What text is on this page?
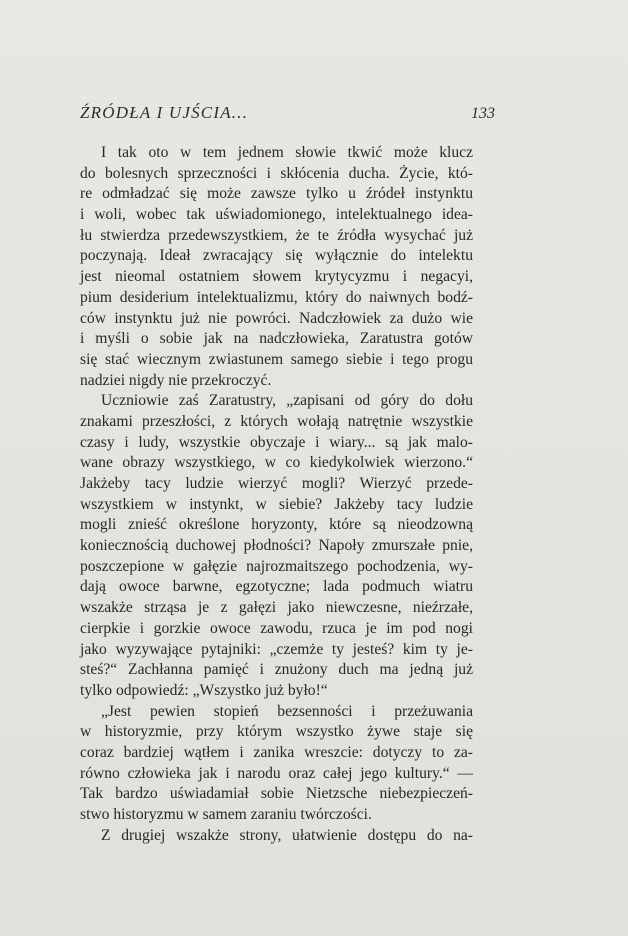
ŹRÓDŁA I UJŚCIA...	133
I tak oto w tem jednem słowie tkwić może klucz
do bolesnych sprzeczności i skłócenia ducha. Życie, któ-
re odmładzać się może zawsze tylko u źródeł instynktu
i woli, wobec tak uświadomionego, intelektualnego idea-
łu stwierdza przedewszystkiem, że te źródła wysychać już
poczynają. Ideał zwracający się wyłącznie do intelektu
jest nieomal ostatniem słowem krytycyzmu i negacyi,
pium desiderium intelektualizmu, który do naiwnych bodź-
ców instynktu już nie powróci. Nadczłowiek za dużo wie
i myśli o sobie jak na nadczłowieka, Zaratustra gotów
się stać wiecznym zwiastunem samego siebie i tego progu
nadziei nigdy nie przekroczyć.
Uczniowie zaś Zaratustry, „zapisani od góry do dołu
znakami przeszłości, z których wołają natrętnie wszystkie
czasy i ludy, wszystkie obyczaje i wiary... są jak malo-
wane obrazy wszystkiego, w co kiedykolwiek wierzono.“
Jakżeby tacy ludzie wierzyć mogli? Wierzyć przede-
wszystkiem w instynkt, w siebie? Jakżeby tacy ludzie
mogli znieść określone horyzonty, które są nieodzowną
koniecznością duchowej płodności? Napoły zmurszałe pnie,
poszczepione w gałęzie najrozmaitszego pochodzenia, wy-
dają owoce barwne, egzotyczne; lada podmuch wiatru
wszakże strząsa je z gałęzi jako niewczesne, nieźrzałe,
cierpkie i gorzkie owoce zawodu, rzuca je im pod nogi
jako wyzywające pytajniki: „czemże ty jesteś? kim ty je-
steś?“ Zachłanna pamięć i znużony duch ma jedną już
tylko odpowiedź: „Wszystko już było!“
„Jest pewien stopień bezsenności i przeżuwania
w historyzmie, przy którym wszystko żywe staje się
coraz bardziej wątłem i zanika wreszcie: dotyczy to za-
równo człowieka jak i narodu oraz całej jego kultury.“ —
Tak bardzo uświadamiał sobie Nietzsche niebezpieczeń-
stwo historyzmu w samem zaraniu twórczości.
Z drugiej wszakże strony, ułatwienie dostępu do na-
